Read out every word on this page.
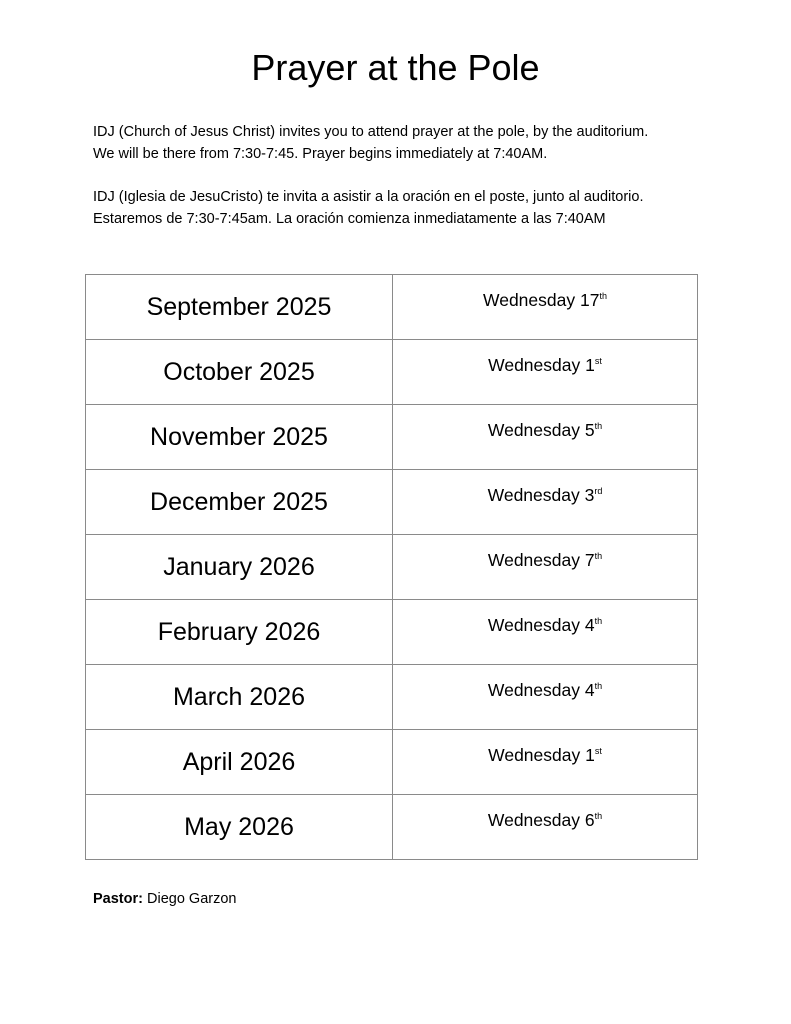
Prayer at the Pole

IDJ (Church of Jesus Christ) invites you to attend prayer at the pole, by the auditorium.

We will be there from 7:30-7:45. Prayer begins immediately at 7:40AM.

IDJ (Iglesia de JesuCristo) te invita a asistir a la oración en el poste, junto al auditorio.

Estaremos de 7:30-7:45am. La oración comienza inmediatamente a las 7:40AM

September 2025	Wednesday 17th
October 2025	Wednesday 1st
November 2025	Wednesday 5th
December 2025	Wednesday 3rd
January 2026	Wednesday 7th
February 2026	Wednesday 4th
March 2026	Wednesday 4th
April 2026	Wednesday 1st
May 2026	Wednesday 6th

Pastor: Diego Garzon
